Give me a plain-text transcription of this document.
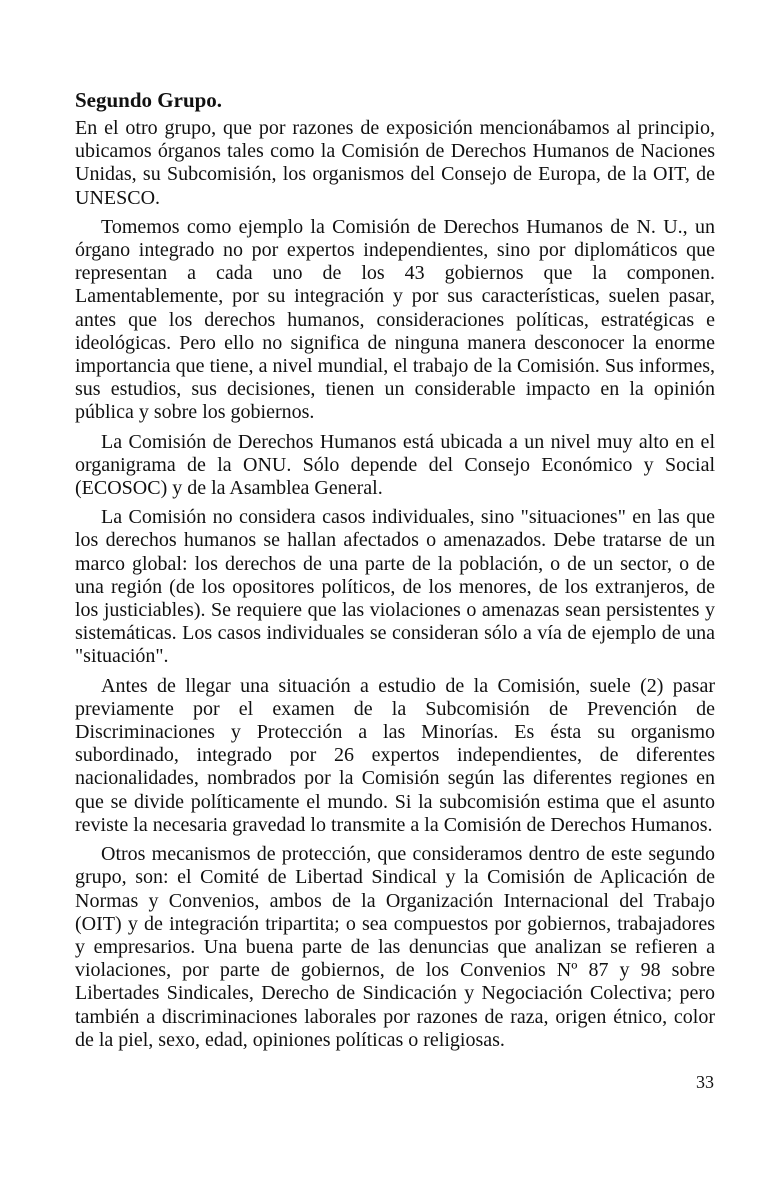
Segundo Grupo.

En el otro grupo, que por razones de exposición mencionábamos al principio, ubicamos órganos tales como la Comisión de Derechos Humanos de Naciones Unidas, su Subcomisión, los organismos del Consejo de Europa, de la OIT, de UNESCO.

Tomemos como ejemplo la Comisión de Derechos Humanos de N. U., un órgano integrado no por expertos independientes, sino por diplomáticos que representan a cada uno de los 43 gobiernos que la componen. Lamentablemente, por su integración y por sus características, suelen pasar, antes que los derechos humanos, consideraciones políticas, estratégicas e ideológicas. Pero ello no significa de ninguna manera desconocer la enorme importancia que tiene, a nivel mundial, el trabajo de la Comisión. Sus informes, sus estudios, sus decisiones, tienen un considerable impacto en la opinión pública y sobre los gobiernos.

La Comisión de Derechos Humanos está ubicada a un nivel muy alto en el organigrama de la ONU. Sólo depende del Consejo Económico y Social (ECOSOC) y de la Asamblea General.

La Comisión no considera casos individuales, sino "situaciones" en las que los derechos humanos se hallan afectados o amenazados. Debe tratarse de un marco global: los derechos de una parte de la población, o de un sector, o de una región (de los opositores políticos, de los menores, de los extranjeros, de los justiciables). Se requiere que las violaciones o amenazas sean persistentes y sistemáticas. Los casos individuales se consideran sólo a vía de ejemplo de una "situación".

Antes de llegar una situación a estudio de la Comisión, suele (2) pasar previamente por el examen de la Subcomisión de Prevención de Discriminaciones y Protección a las Minorías. Es ésta su organismo subordinado, integrado por 26 expertos independientes, de diferentes nacionalidades, nombrados por la Comisión según las diferentes regiones en que se divide políticamente el mundo. Si la subcomisión estima que el asunto reviste la necesaria gravedad lo transmite a la Comisión de Derechos Humanos.

Otros mecanismos de protección, que consideramos dentro de este segundo grupo, son: el Comité de Libertad Sindical y la Comisión de Aplicación de Normas y Convenios, ambos de la Organización Internacional del Trabajo (OIT) y de integración tripartita; o sea compuestos por gobiernos, trabajadores y empresarios. Una buena parte de las denuncias que analizan se refieren a violaciones, por parte de gobiernos, de los Convenios Nº 87 y 98 sobre Libertades Sindicales, Derecho de Sindicación y Negociación Colectiva; pero también a discriminaciones laborales por razones de raza, origen étnico, color de la piel, sexo, edad, opiniones políticas o religiosas.

33
